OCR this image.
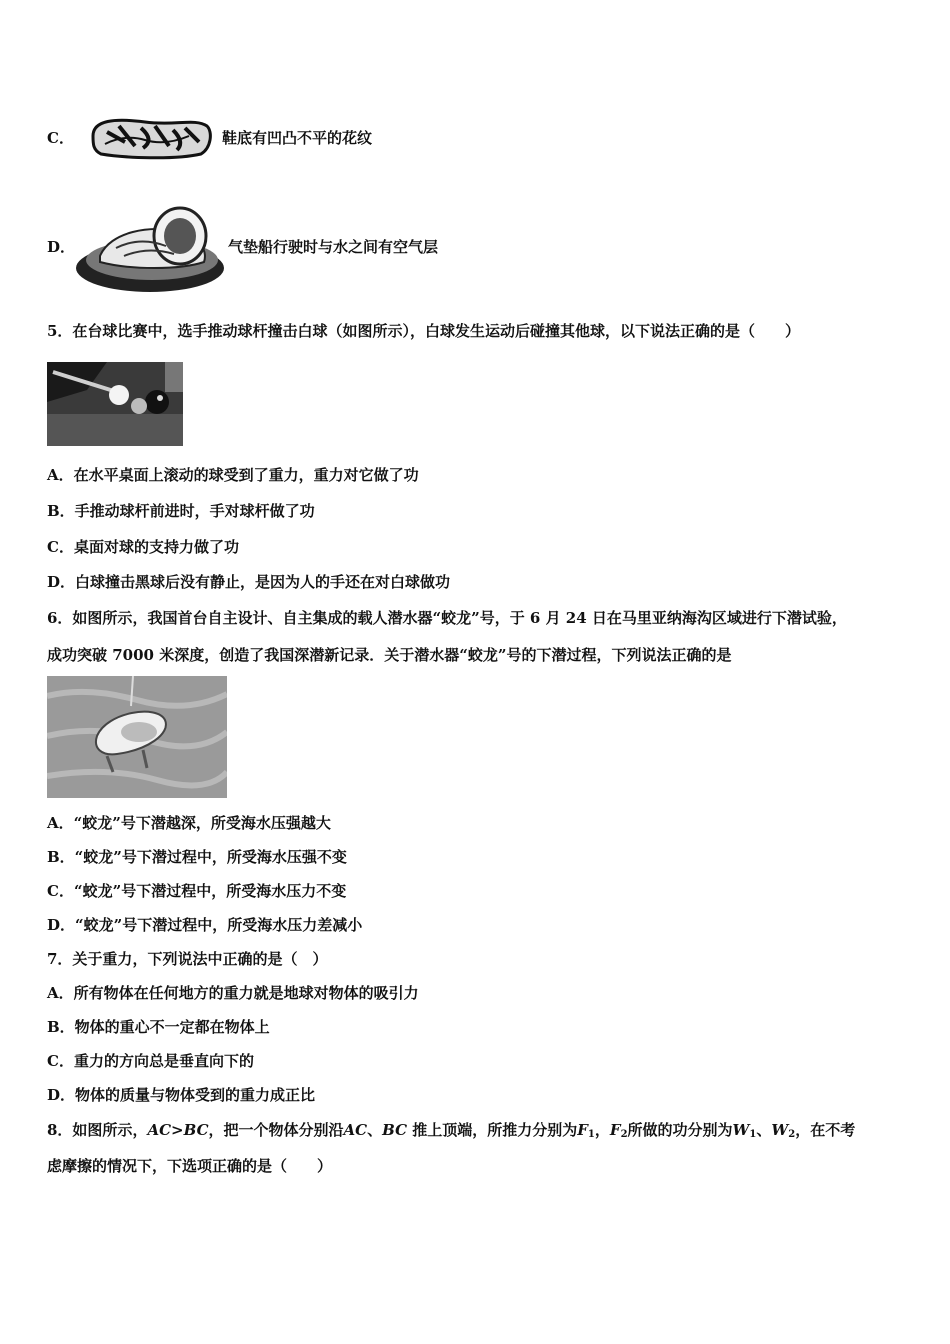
C．	鞋底有凹凸不平的花纹
D．	气垫船行驶时与水之间有空气层
5．在台球比赛中，选手推动球杆撞击白球（如图所示），白球发生运动后碰撞其他球，以下说法正确的是（　　）
A．在水平桌面上滚动的球受到了重力，重力对它做了功
B．手推动球杆前进时，手对球杆做了功
C．桌面对球的支持力做了功
D．白球撞击黑球后没有静止，是因为人的手还在对白球做功
6．如图所示，我国首台自主设计、自主集成的载人潜水器“蛟龙”号，于 6 月 24 日在马里亚纳海沟区域进行下潜试验，
成功突破 7000 米深度，创造了我国深潜新记录．关于潜水器“蛟龙”号的下潜过程，下列说法正确的是
A．“蛟龙”号下潜越深，所受海水压强越大
B．“蛟龙”号下潜过程中，所受海水压强不变
C．“蛟龙”号下潜过程中，所受海水压力不变
D．“蛟龙”号下潜过程中，所受海水压力差减小
7．关于重力，下列说法中正确的是（　）
A．所有物体在任何地方的重力就是地球对物体的吸引力
B．物体的重心不一定都在物体上
C．重力的方向总是垂直向下的
D．物体的质量与物体受到的重力成正比
8．如图所示，AC>BC，把一个物体分别沿AC、BC 推上顶端，所推力分别为$F_1$，$F_2$所做的功分别为$W_1$、$W_2$，在不考
虑摩擦的情况下，下选项正确的是（　　）
